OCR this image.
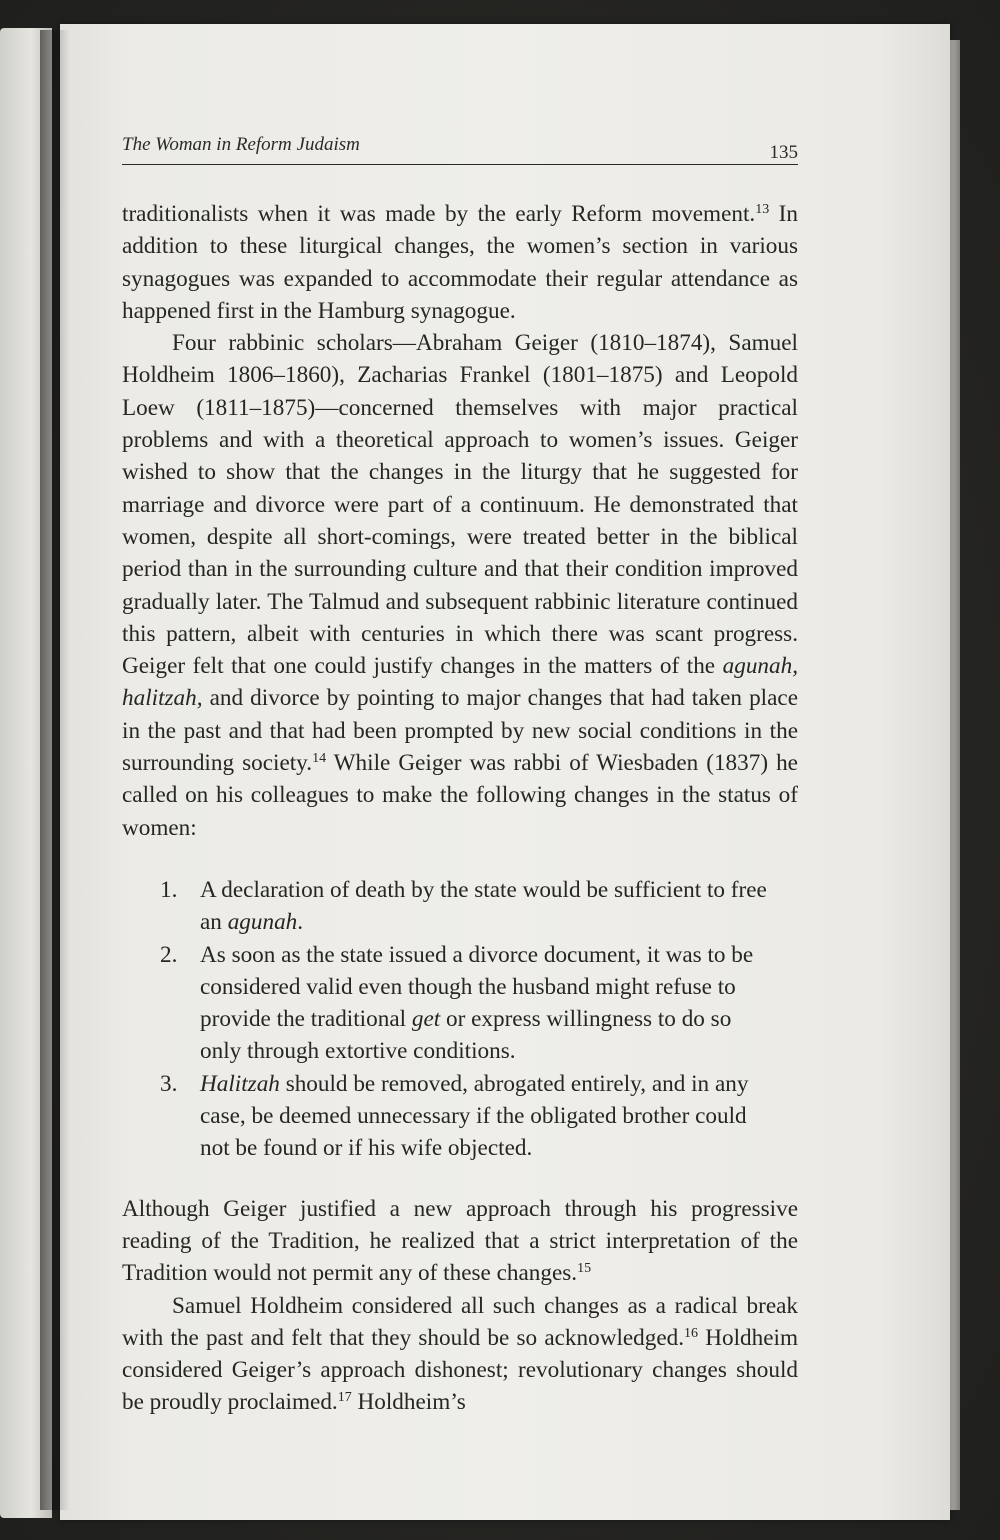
The Woman in Reform Judaism	135

traditionalists when it was made by the early Reform movement.$^{13}$ In addition to these liturgical changes, the women’s section in various synagogues was expanded to accommodate their regular attendance as happened first in the Hamburg synagogue.

Four rabbinic scholars—Abraham Geiger (1810–1874), Samuel Holdheim 1806–1860), Zacharias Frankel (1801–1875) and Leopold Loew (1811–1875)—concerned themselves with major practical problems and with a theoretical approach to women’s issues. Geiger wished to show that the changes in the liturgy that he suggested for marriage and divorce were part of a continuum. He demonstrated that women, despite all short-comings, were treated better in the biblical period than in the surrounding culture and that their condition improved gradually later. The Talmud and subsequent rabbinic literature continued this pattern, albeit with centuries in which there was scant progress. Geiger felt that one could justify changes in the matters of the agunah, halitzah, and divorce by pointing to major changes that had taken place in the past and that had been prompted by new social conditions in the surrounding society.$^{14}$ While Geiger was rabbi of Wiesbaden (1837) he called on his colleagues to make the following changes in the status of women:

1. A declaration of death by the state would be sufficient to free an agunah.
2. As soon as the state issued a divorce document, it was to be considered valid even though the husband might refuse to provide the traditional get or express willingness to do so only through extortive conditions.
3. Halitzah should be removed, abrogated entirely, and in any case, be deemed unnecessary if the obligated brother could not be found or if his wife objected.

Although Geiger justified a new approach through his progressive reading of the Tradition, he realized that a strict interpretation of the Tradition would not permit any of these changes.$^{15}$

Samuel Holdheim considered all such changes as a radical break with the past and felt that they should be so acknowledged.$^{16}$ Holdheim considered Geiger’s approach dishonest; revolutionary changes should be proudly proclaimed.$^{17}$ Holdheim’s
